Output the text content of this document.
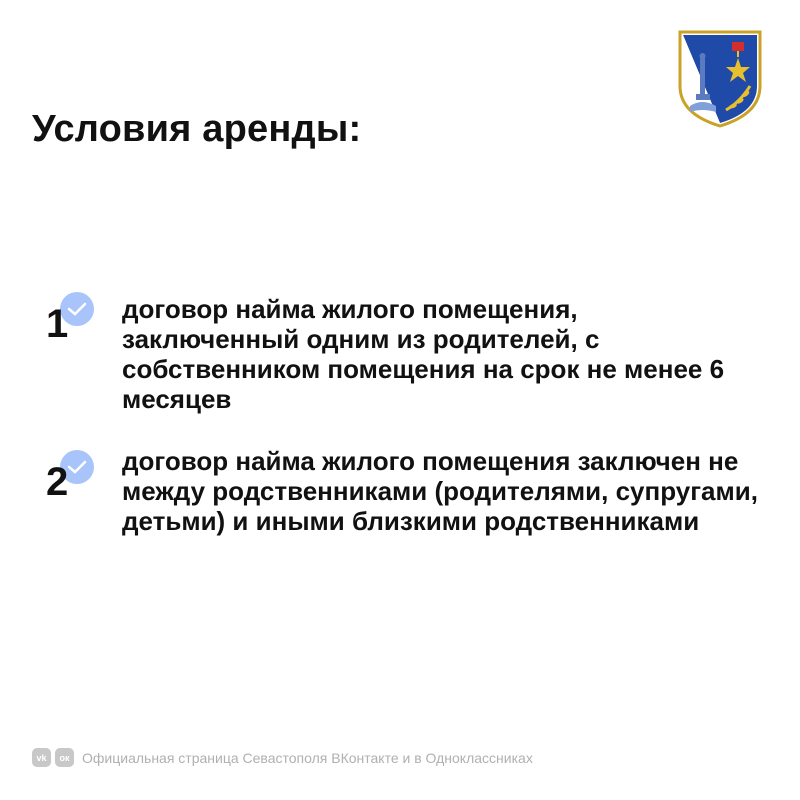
Условия аренды:
1 договор найма жилого помещения, заключенный одним из родителей, с собственником помещения на срок не менее 6 месяцев
2 договор найма жилого помещения заключен не между родственниками (родителями, супругами, детьми) и иными близкими родственниками
vk	ок Официальная страница Севастополя ВКонтакте и в Одноклассниках
